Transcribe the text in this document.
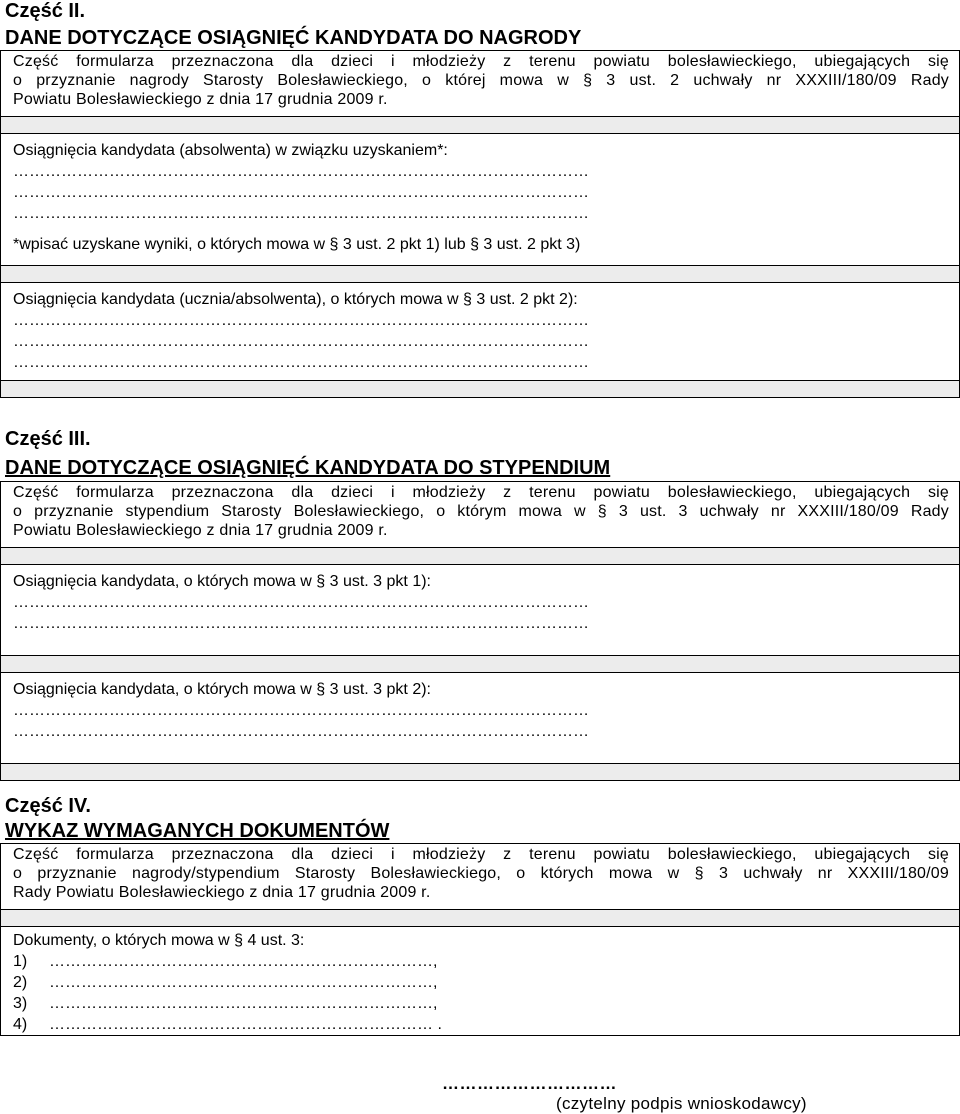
Część II.
DANE DOTYCZĄCE OSIĄGNIĘĆ KANDYDATA DO NAGRODY
Część formularza przeznaczona dla dzieci i młodzieży z terenu powiatu bolesławieckiego, ubiegających się
o przyznanie nagrody Starosty Bolesławieckiego, o której mowa w § 3 ust. 2 uchwały nr XXXIII/180/09 Rady
Powiatu Bolesławieckiego z dnia 17 grudnia 2009 r.
Osiągnięcia kandydata (absolwenta) w związku uzyskaniem*:
………………………………………………………………………………………………
………………………………………………………………………………………………
………………………………………………………………………………………………
*wpisać uzyskane wyniki, o których mowa w § 3 ust. 2 pkt 1) lub § 3 ust. 2 pkt 3)
Osiągnięcia kandydata (ucznia/absolwenta), o których mowa w § 3 ust. 2 pkt 2):
………………………………………………………………………………………………
………………………………………………………………………………………………
………………………………………………………………………………………………
Część III.
DANE DOTYCZĄCE OSIĄGNIĘĆ KANDYDATA DO STYPENDIUM
Część formularza przeznaczona dla dzieci i młodzieży z terenu powiatu bolesławieckiego, ubiegających się
o przyznanie stypendium Starosty Bolesławieckiego, o którym mowa w § 3 ust. 3 uchwały nr XXXIII/180/09 Rady
Powiatu Bolesławieckiego z dnia 17 grudnia 2009 r.
Osiągnięcia kandydata, o których mowa w § 3 ust. 3 pkt 1):
………………………………………………………………………………………………
………………………………………………………………………………………………
Osiągnięcia kandydata, o których mowa w § 3 ust. 3 pkt 2):
………………………………………………………………………………………………
………………………………………………………………………………………………
Część IV.
WYKAZ WYMAGANYCH DOKUMENTÓW
Część formularza przeznaczona dla dzieci i młodzieży z terenu powiatu bolesławieckiego, ubiegających się
o przyznanie nagrody/stypendium Starosty Bolesławieckiego, o których mowa w § 3 uchwały nr XXXIII/180/09
Rady Powiatu Bolesławieckiego z dnia 17 grudnia 2009 r.
Dokumenty, o których mowa w § 4 ust. 3:
1) ………………………………………………………………,
2) ………………………………………………………………,
3) ………………………………………………………………,
4) ……………………………………………………………… .
…………………………
(czytelny podpis wnioskodawcy)
